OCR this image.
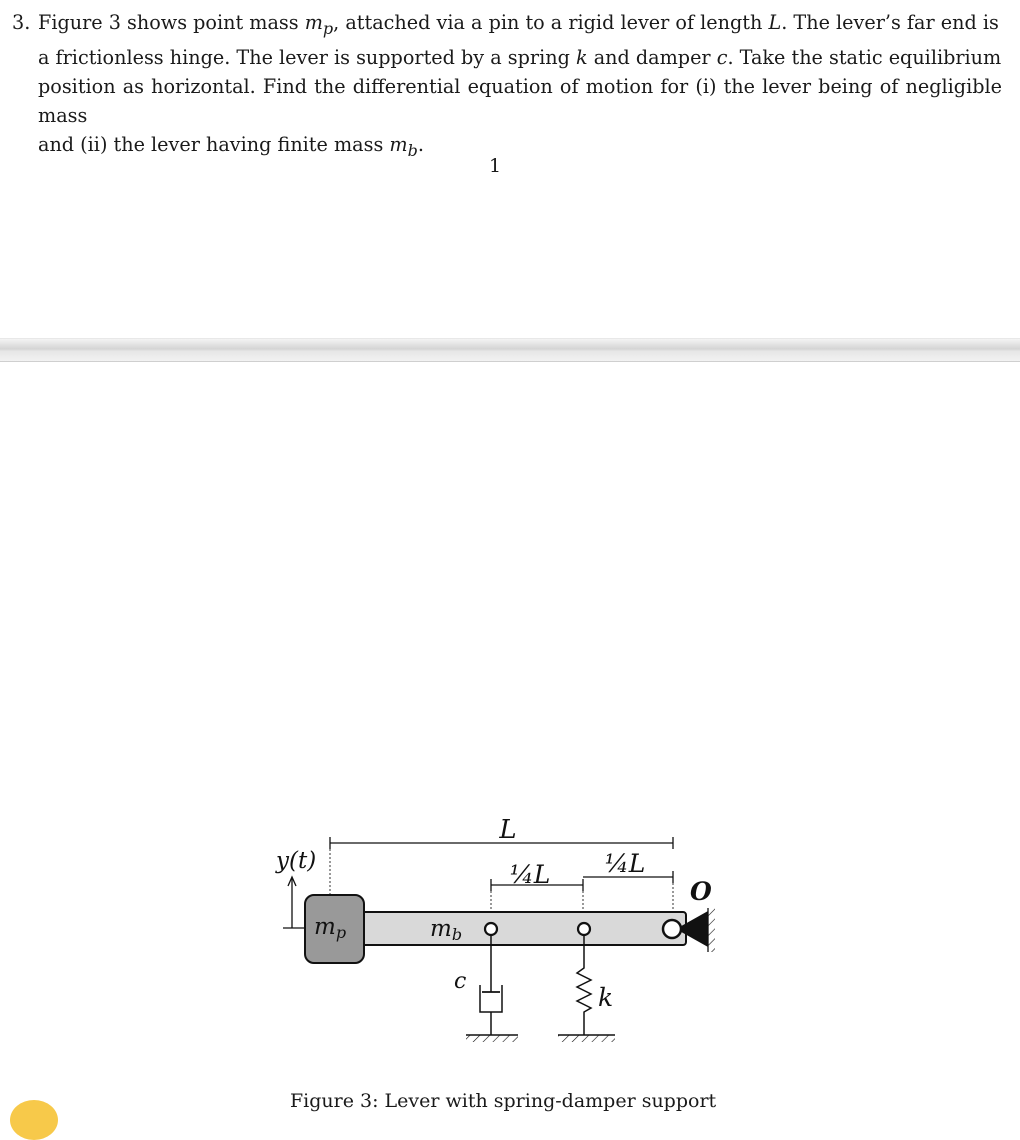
3. Figure 3 shows point mass $m_p$, attached via a pin to a rigid lever of length L. The lever’s far end is
a frictionless hinge. The lever is supported by a spring k and damper c. Take the static equilibrium
position as horizontal. Find the differential equation of motion for (i) the lever being of negligible mass
and (ii) the lever having finite mass $m_b$.
1
L
¼L ¼L
y(t)
mb
mp
O
c
k
Figure 3: Lever with spring-damper support
